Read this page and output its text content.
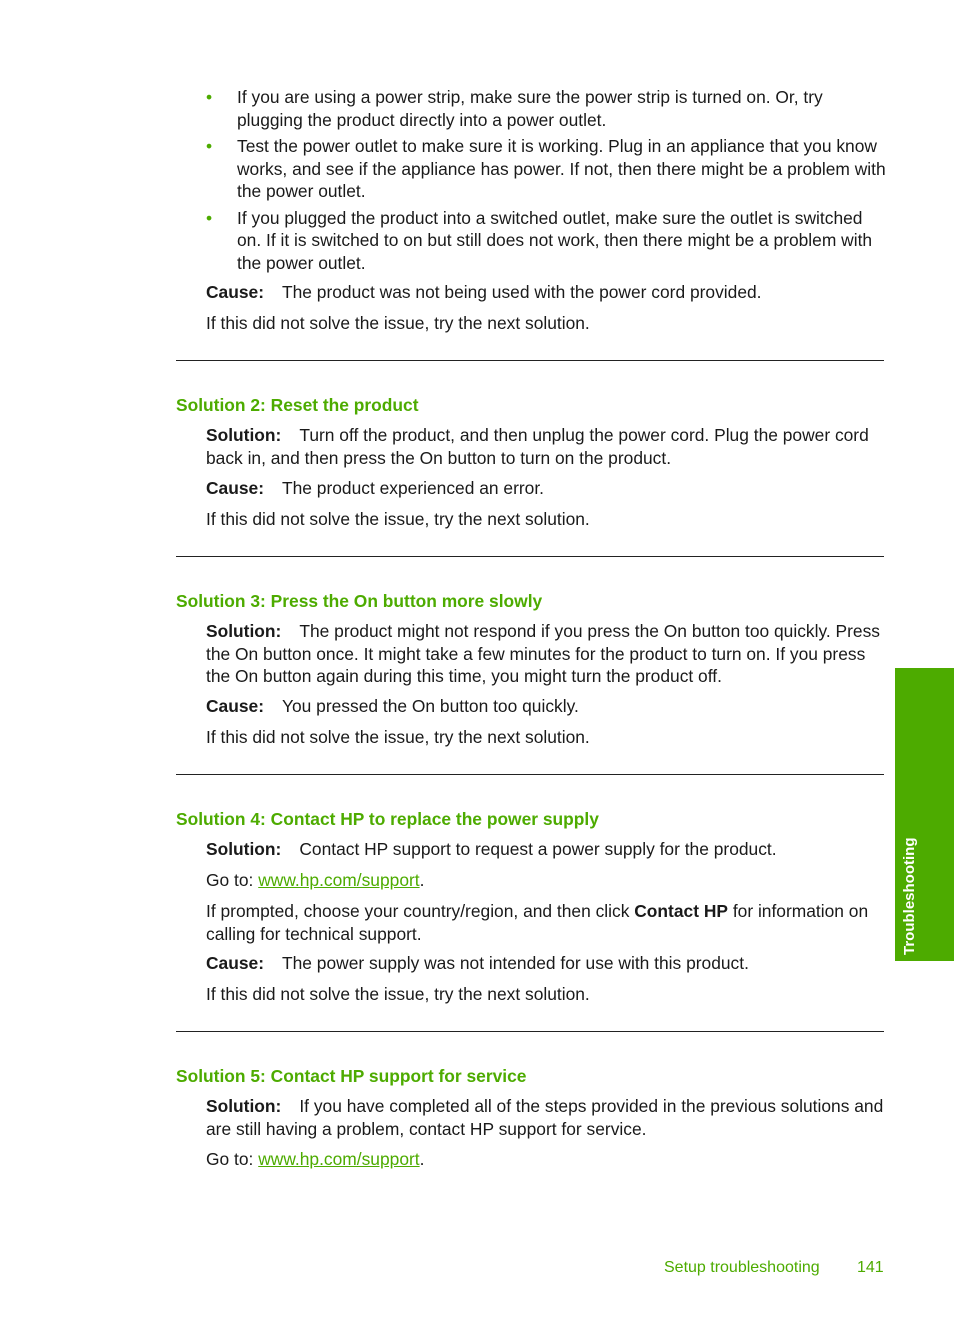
• If you are using a power strip, make sure the power strip is turned on. Or, try plugging the product directly into a power outlet.
• Test the power outlet to make sure it is working. Plug in an appliance that you know works, and see if the appliance has power. If not, then there might be a problem with the power outlet.
• If you plugged the product into a switched outlet, make sure the outlet is switched on. If it is switched to on but still does not work, then there might be a problem with the power outlet.

Cause: The product was not being used with the power cord provided.

If this did not solve the issue, try the next solution.

Solution 2: Reset the product

Solution: Turn off the product, and then unplug the power cord. Plug the power cord back in, and then press the On button to turn on the product.

Cause: The product experienced an error.

If this did not solve the issue, try the next solution.

Solution 3: Press the On button more slowly

Solution: The product might not respond if you press the On button too quickly. Press the On button once. It might take a few minutes for the product to turn on. If you press the On button again during this time, you might turn the product off.

Cause: You pressed the On button too quickly.

If this did not solve the issue, try the next solution.

Solution 4: Contact HP to replace the power supply

Solution: Contact HP support to request a power supply for the product.

Go to: www.hp.com/support.

If prompted, choose your country/region, and then click Contact HP for information on calling for technical support.

Cause: The power supply was not intended for use with this product.

If this did not solve the issue, try the next solution.

Solution 5: Contact HP support for service

Solution: If you have completed all of the steps provided in the previous solutions and are still having a problem, contact HP support for service.

Go to: www.hp.com/support.

Troubleshooting
Setup troubleshooting 141
